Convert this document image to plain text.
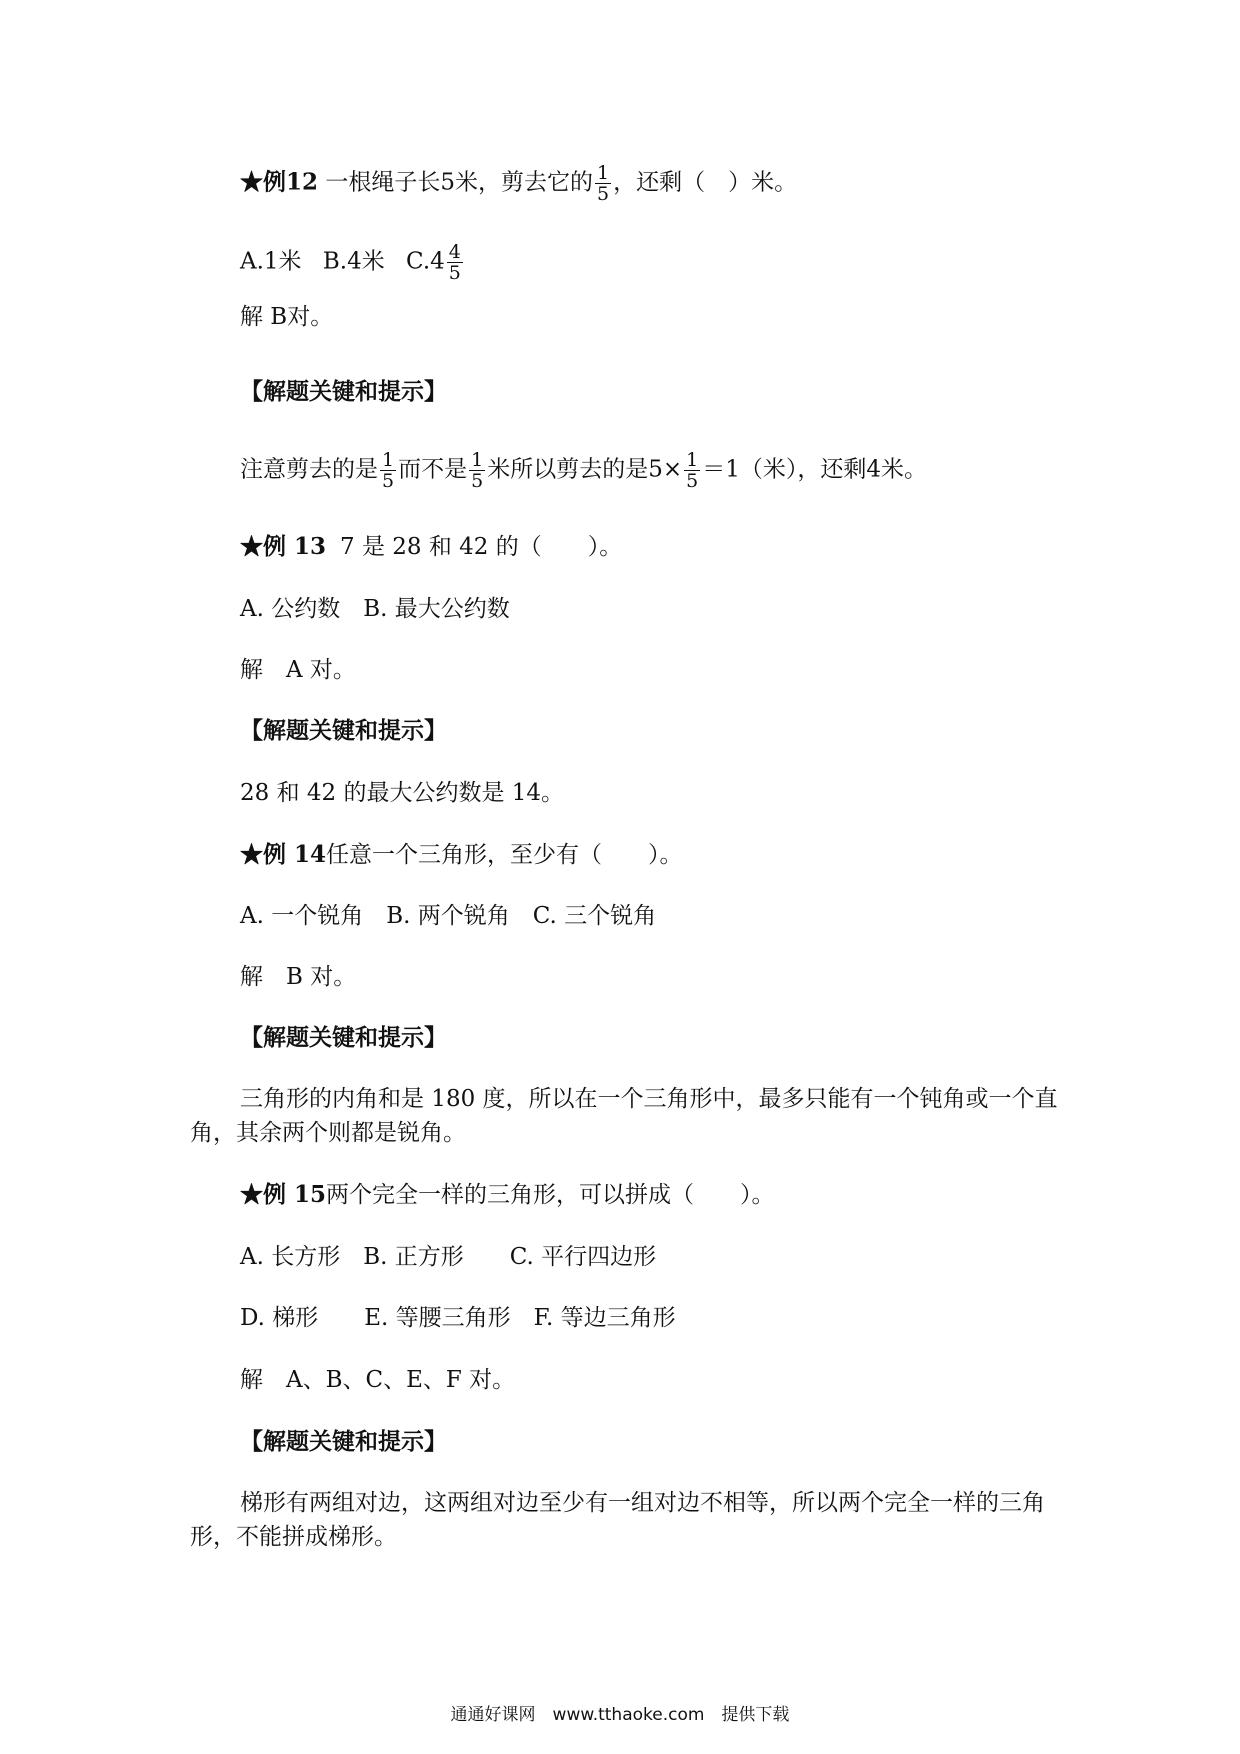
★例12 一根绳子长5米，剪去它的 $\frac{1}{5}$ ，还剩（　）米。
A.1米 B.4米 $C.4 \frac{4}{5}$
解 B对。
【解题关键和提示】
注意剪去的是 $\frac{1}{5}$ 而不是 $\frac{1}{5}$ 米所以剪去的是$5\times \frac{1}{5} =1$（米），还剩4米。
★例 13 7 是 28 和 42 的（　　）。
A. 公约数　B. 最大公约数
解　A 对。
【解题关键和提示】
28 和 42 的最大公约数是 14。
★例 14任意一个三角形，至少有（　　）。
A. 一个锐角　B. 两个锐角　C. 三个锐角
解　B 对。
【解题关键和提示】
三角形的内角和是 180 度，所以在一个三角形中，最多只能有一个钝角或一个直角，其余两个则都是锐角。
★例 15两个完全一样的三角形，可以拼成（　　）。
A. 长方形　B. 正方形　　C. 平行四边形
D. 梯形　　E. 等腰三角形　F. 等边三角形
解　A、B、C、E、F 对。
【解题关键和提示】
梯形有两组对边，这两组对边至少有一组对边不相等，所以两个完全一样的三角形，不能拼成梯形。
通通好课网　www.tthaoke.com　提供下载
